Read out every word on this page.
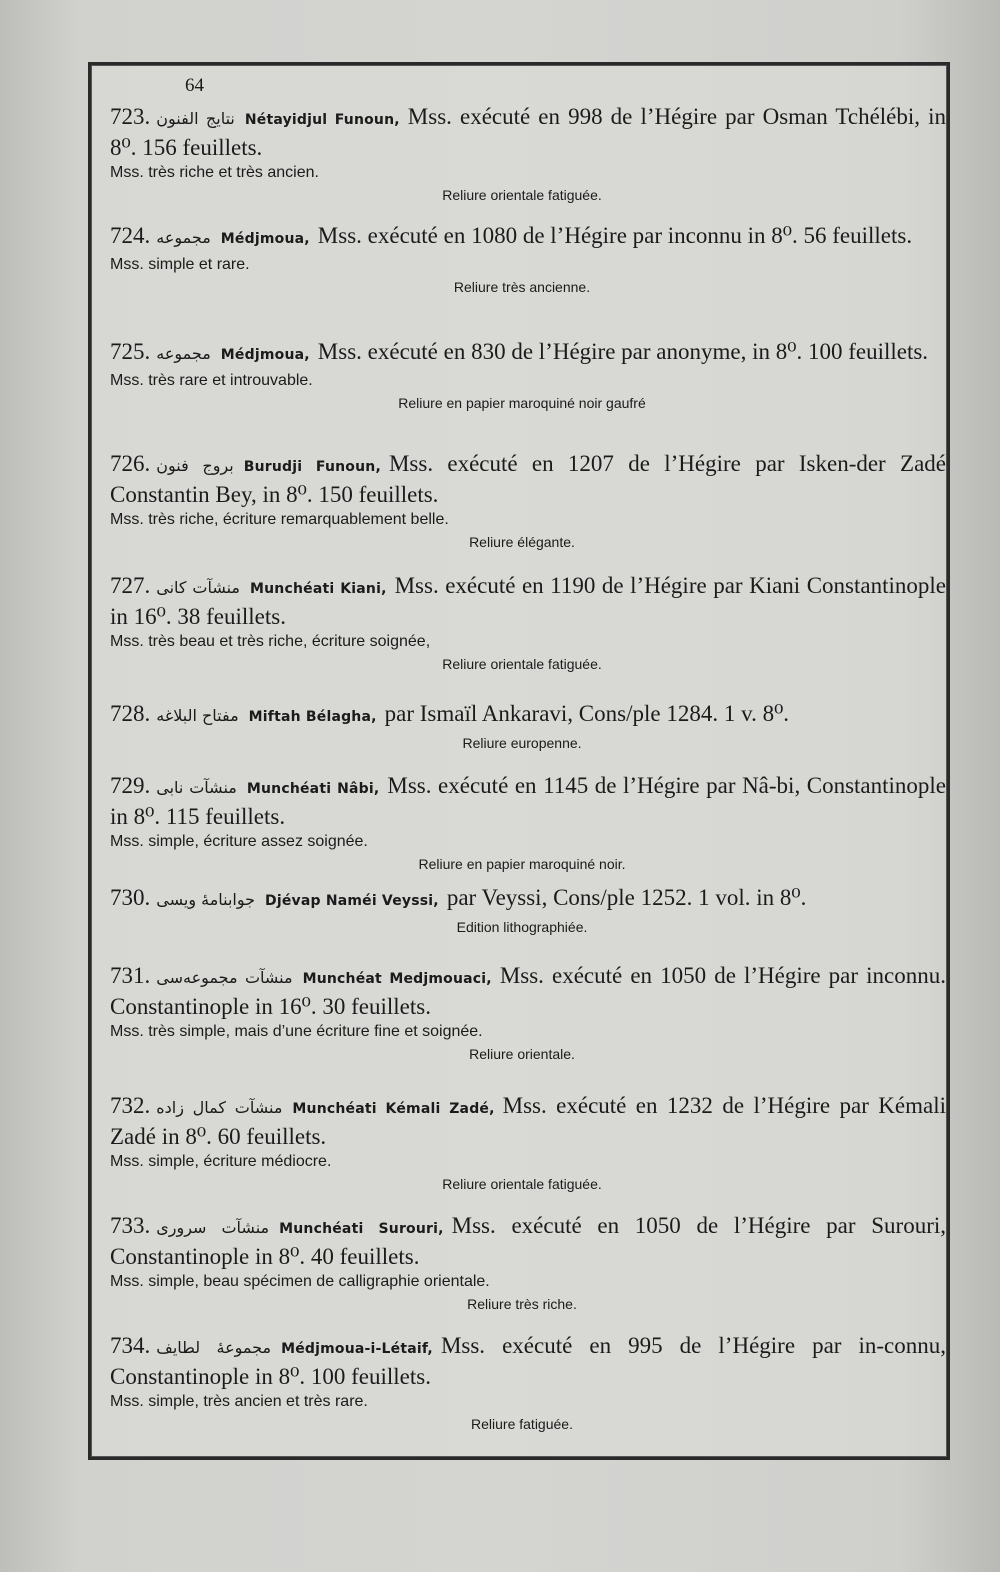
64

723. نتايج الفنون Nétayidjul Funoun, Mss. exécuté en 998 de l’Hégire par Osman Tchélébi, in 8⁰. 156 feuillets.

Mss. très riche et très ancien.

Reliure orientale fatiguée.

724. مجموعه Médjmoua, Mss. exécuté en 1080 de l’Hégire par inconnu in 8⁰. 56 feuillets.

Mss. simple et rare.

Reliure très ancienne.

725. مجموعه Médjmoua, Mss. exécuté en 830 de l’Hégire par anonyme, in 8⁰. 100 feuillets.

Mss. très rare et introuvable.

Reliure en papier maroquiné noir gaufré

726. بروج فنون Burudji Funoun, Mss. exécuté en 1207 de l’Hégire par Isken-der Zadé Constantin Bey, in 8⁰. 150 feuillets.

Mss. très riche, écriture remarquablement belle.

Reliure élégante.

727. منشآت كانى Munchéati Kiani, Mss. exécuté en 1190 de l’Hégire par Kiani Constantinople in 16⁰. 38 feuillets.

Mss. très beau et très riche, écriture soignée,

Reliure orientale fatiguée.

728. مفتاح البلاغه Miftah Bélagha, par Ismaïl Ankaravi, Cons/ple 1284. 1 v. 8⁰.

Reliure europenne.

729. منشآت نابى Munchéati Nâbi, Mss. exécuté en 1145 de l’Hégire par Nâ-bi, Constantinople in 8⁰. 115 feuillets.

Mss. simple, écriture assez soignée.

Reliure en papier maroquiné noir.

730. جوابنامهٔ ويسى Djévap Naméi Veyssi, par Veyssi, Cons/ple 1252. 1 vol. in 8⁰.

Edition lithographiée.

731. منشآت مجموعه‌سى Munchéat Medjmouaci, Mss. exécuté en 1050 de l’Hégire par inconnu. Constantinople in 16⁰. 30 feuillets.

Mss. très simple, mais d’une écriture fine et soignée.

Reliure orientale.

732. منشآت كمال زاده Munchéati Kémali Zadé, Mss. exécuté en 1232 de l’Hégire par Kémali Zadé in 8⁰. 60 feuillets.

Mss. simple, écriture médiocre.

Reliure orientale fatiguée.

733. منشآت سرورى Munchéati Surouri, Mss. exécuté en 1050 de l’Hégire par Surouri, Constantinople in 8⁰. 40 feuillets.

Mss. simple, beau spécimen de calligraphie orientale.

Reliure très riche.

734. مجموعهٔ لطايف Médjmoua-i-Létaif, Mss. exécuté en 995 de l’Hégire par in-connu, Constantinople in 8⁰. 100 feuillets.

Mss. simple, très ancien et très rare.

Reliure fatiguée.
